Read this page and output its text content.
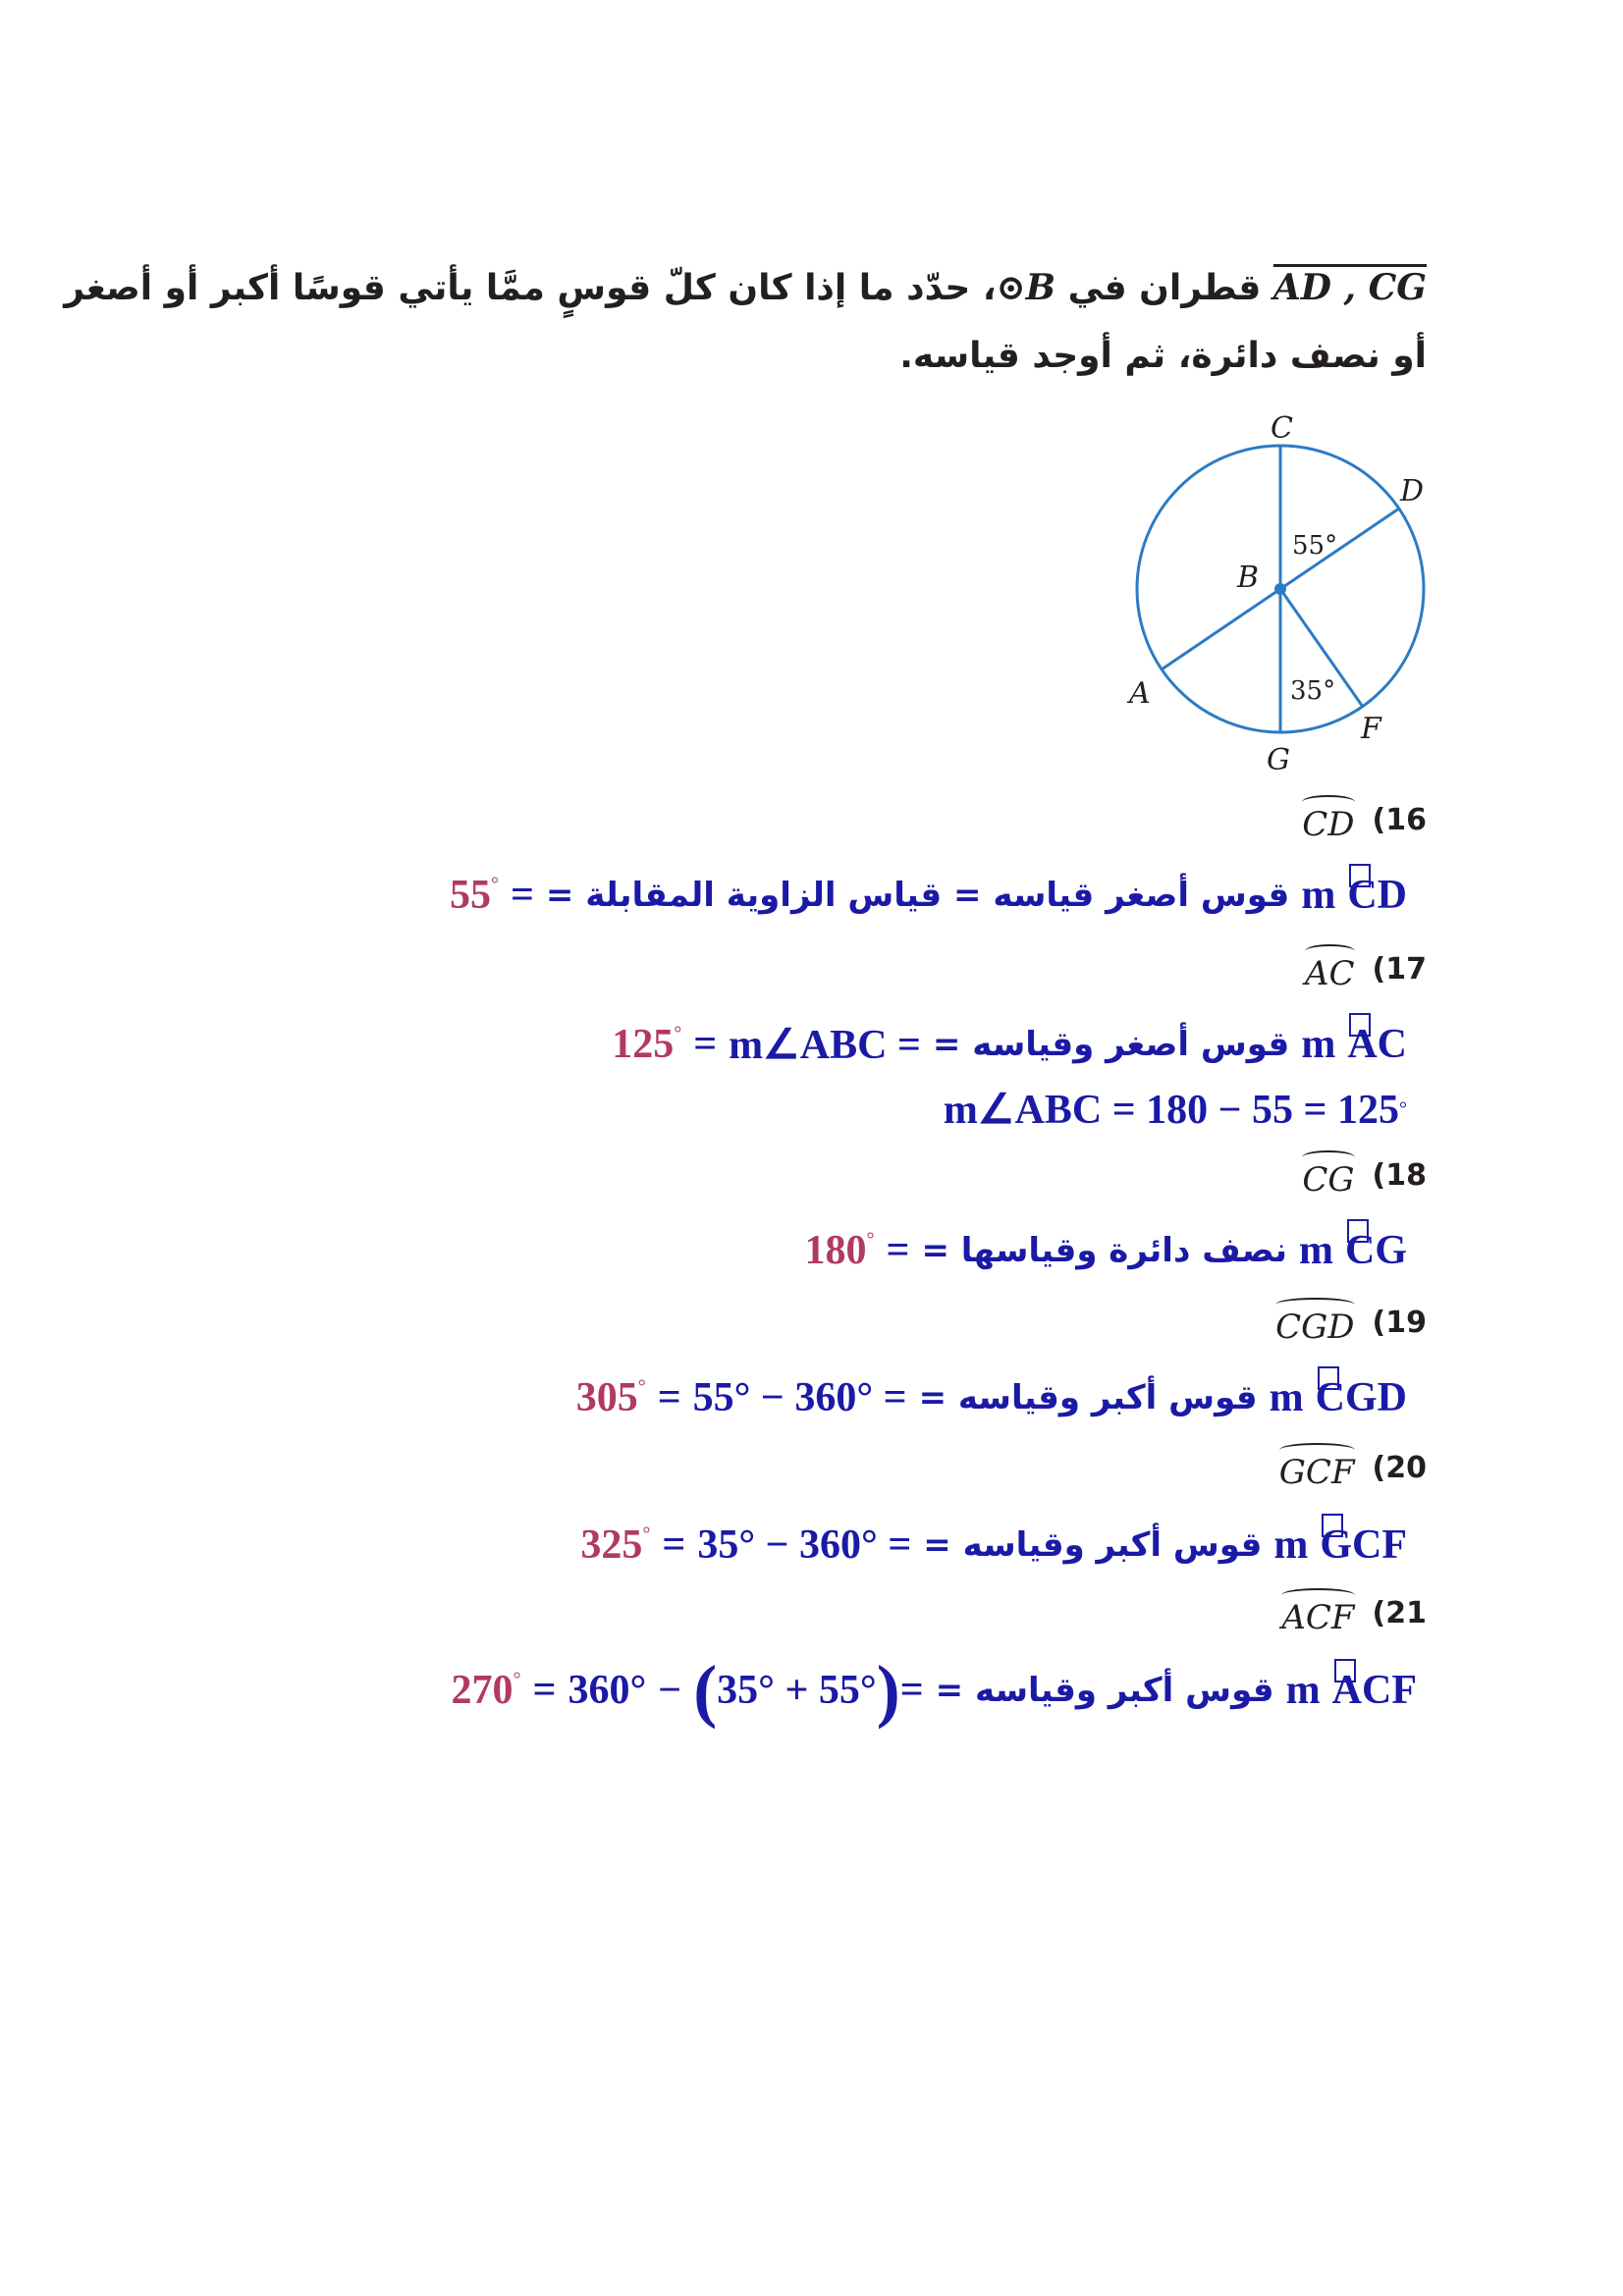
AD , CG قطران في ⊙B، حدّد ما إذا كان كلّ قوسٍ ممَّا يأتي قوسًا أكبر أو أصغر
أو نصف دائرة، ثم أوجد قياسه.
C
D
B
A
F
G
55°
35°
CD (16
55° = قوس أصغر قياسه = قياس الزاوية المقابلة = m CD
AC (17
125° = m∠ABC = قوس أصغر وقياسه = m AC
m∠ABC = 180 − 55 = 125 °
CG (18
180° = نصف دائرة وقياسها = m CG
CGD (19
305° = 55° − 360° = قوس أكبر وقياسه = m CGD
GCF (20
325° = 35° − 360° = قوس أكبر وقياسه = m GCF
ACF (21
270° = 360° − ( 35° + 55° ) = قوس أكبر وقياسه = m ACF
